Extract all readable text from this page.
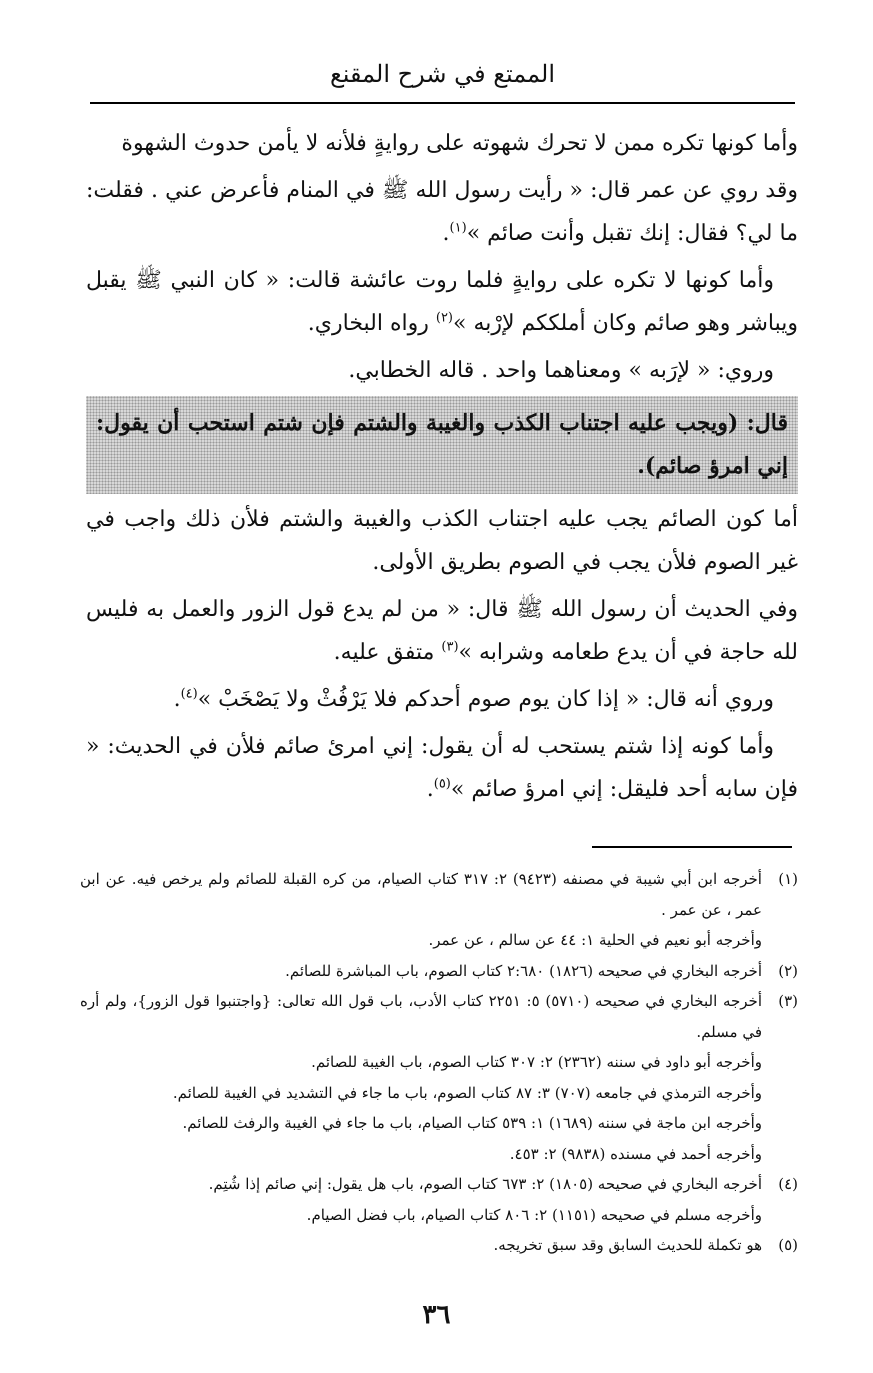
الممتع في شرح المقنع

وأما كونها تكره ممن لا تحرك شهوته على روايةٍ فلأنه لا يأمن حدوث الشهوة

وقد روي عن عمر قال: « رأيت رسول الله ﷺ في المنام فأعرض عني . فقلت: ما لي؟ فقال: إنك تقبل وأنت صائم »$^{(١)}$.

وأما كونها لا تكره على روايةٍ فلما روت عائشة قالت: « كان النبي ﷺ يقبل ويباشر وهو صائم وكان أملككم لإرْبه »$^{(٢)}$ رواه البخاري.

وروي: « لإرَبه » ومعناهما واحد . قاله الخطابي.

قال: (ويجب عليه اجتناب الكذب والغيبة والشتم فإن شتم استحب أن يقول: إني امرؤ صائم).

أما كون الصائم يجب عليه اجتناب الكذب والغيبة والشتم فلأن ذلك واجب في غير الصوم فلأن يجب في الصوم بطريق الأولى.

وفي الحديث أن رسول الله ﷺ قال: « من لم يدع قول الزور والعمل به فليس لله حاجة في أن يدع طعامه وشرابه »$^{(٣)}$ متفق عليه.

وروي أنه قال: « إذا كان يوم صوم أحدكم فلا يَرْفُثْ ولا يَصْخَبْ »$^{(٤)}$.

وأما كونه إذا شتم يستحب له أن يقول: إني امرئ صائم فلأن في الحديث: « فإن سابه أحد فليقل: إني امرؤ صائم »$^{(٥)}$.

(١)أخرجه ابن أبي شيبة في مصنفه (٩٤٢٣) ٢: ٣١٧ كتاب الصيام، من كره القبلة للصائم ولم يرخص فيه. عن ابن عمر ، عن عمر .

وأخرجه أبو نعيم في الحلية ١: ٤٤ عن سالم ، عن عمر.

(٢)أخرجه البخاري في صحيحه (١٨٢٦) ٢:٦٨٠ كتاب الصوم، باب المباشرة للصائم.

(٣)أخرجه البخاري في صحيحه (٥٧١٠) ٥: ٢٢٥١ كتاب الأدب، باب قول الله تعالى: {واجتنبوا قول الزور}، ولم أره في مسلم.

وأخرجه أبو داود في سننه (٢٣٦٢) ٢: ٣٠٧ كتاب الصوم، باب الغيبة للصائم.

وأخرجه الترمذي في جامعه (٧٠٧) ٣: ٨٧ كتاب الصوم، باب ما جاء في التشديد في الغيبة للصائم.

وأخرجه ابن ماجة في سننه (١٦٨٩) ١: ٥٣٩ كتاب الصيام، باب ما جاء في الغيبة والرفث للصائم.

وأخرجه أحمد في مسنده (٩٨٣٨) ٢: ٤٥٣.

(٤)أخرجه البخاري في صحيحه (١٨٠٥) ٢: ٦٧٣ كتاب الصوم، باب هل يقول: إني صائم إذا شُتِم.

وأخرجه مسلم في صحيحه (١١٥١) ٢: ٨٠٦ كتاب الصيام، باب فضل الصيام.

(٥)هو تكملة للحديث السابق وقد سبق تخريجه.

٣٦
